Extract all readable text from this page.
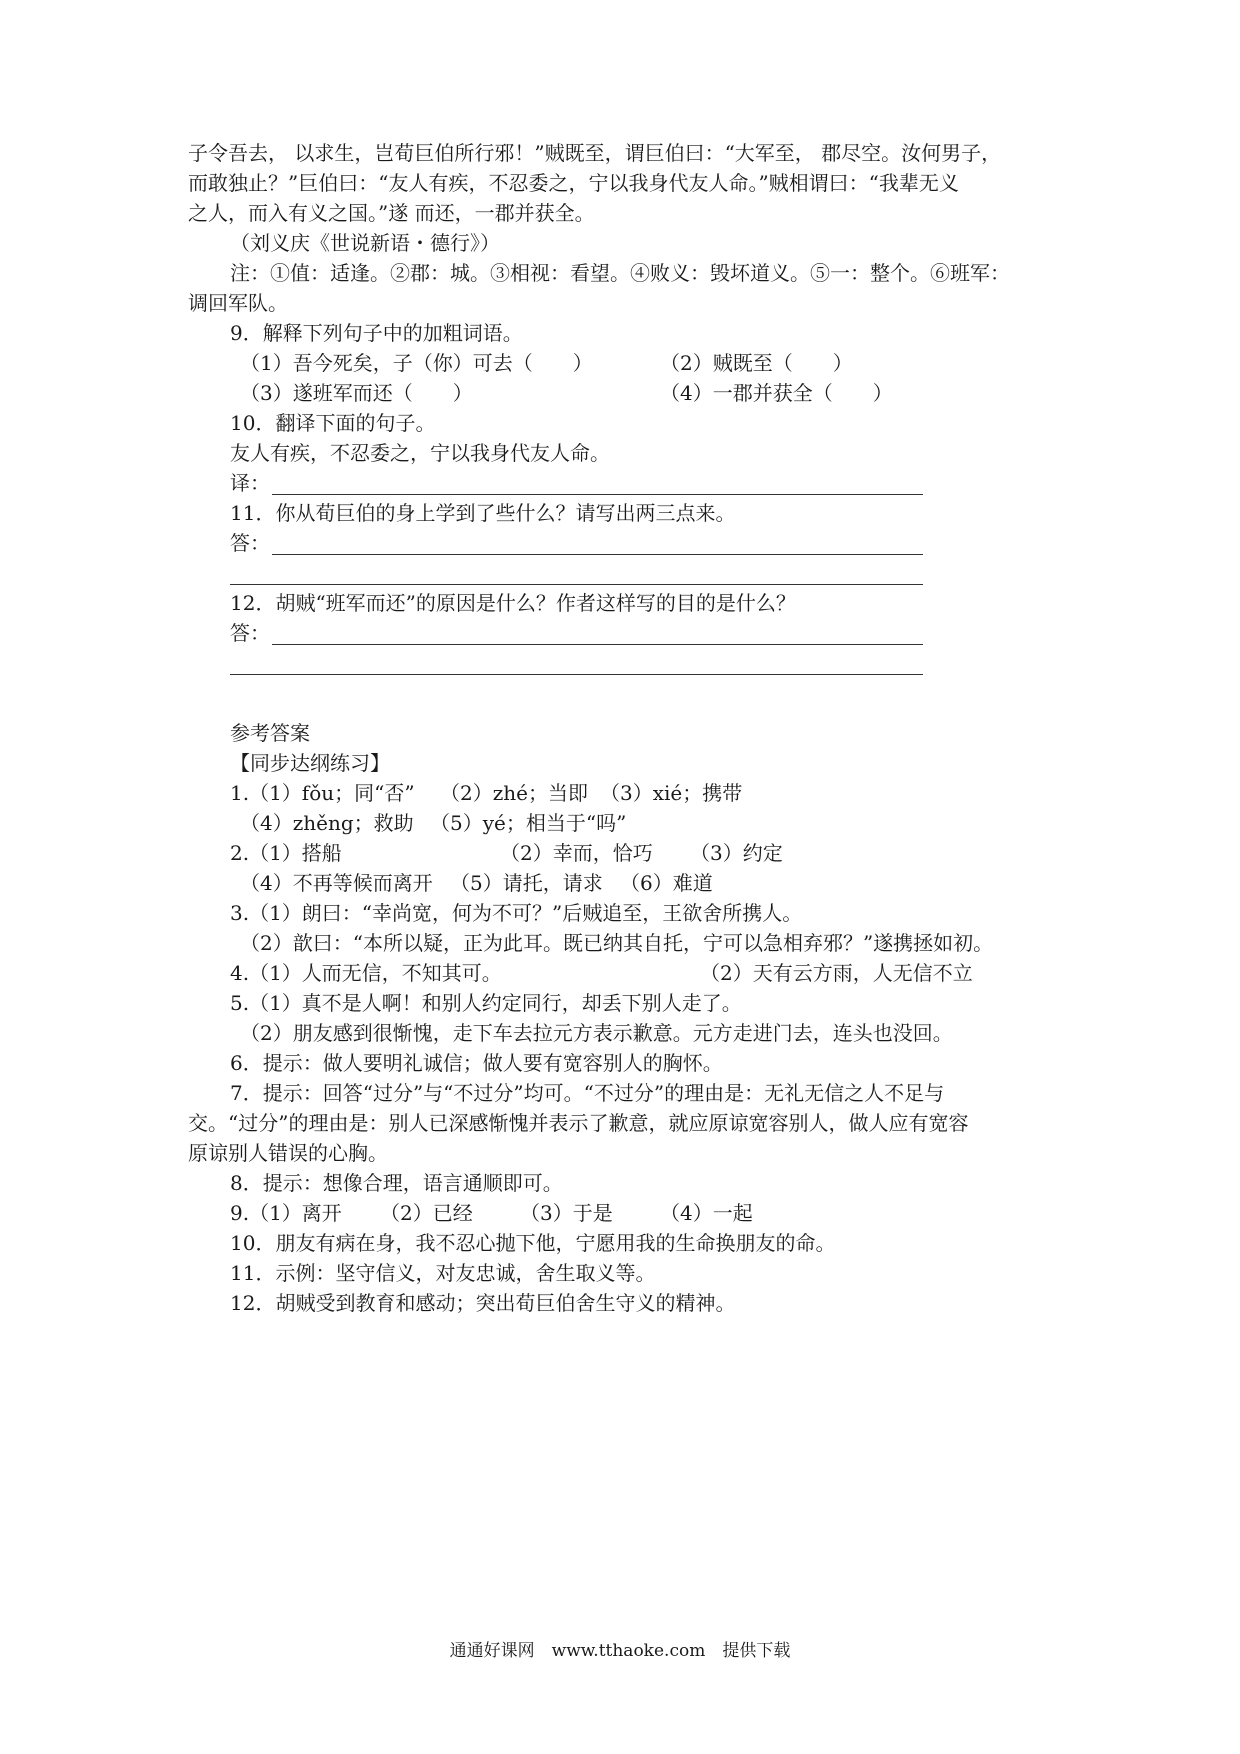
子令吾去， 以求生，岂荀巨伯所行邪！”贼既至，谓巨伯曰：“大军至， 郡尽空。汝何男子，
而敢独止？”巨伯曰：“友人有疾，不忍委之，宁以我身代友人命。”贼相谓曰：“我辈无义
之人，而入有义之国。”遂 而还，一郡并获全。
（刘义庆《世说新语・德行》）
注：①值：适逢。②郡：城。③相视：看望。④败义：毁坏道义。⑤一：整个。⑥班军：
调回军队。
9．解释下列句子中的加粗词语。
（1）吾今死矣，子（你）可去（　　）	（2）贼既至（　　）
（3）遂班军而还（　　）	（4）一郡并获全（　　）
10．翻译下面的句子。
友人有疾，不忍委之，宁以我身代友人命。
译：
11．你从荀巨伯的身上学到了些什么？请写出两三点来。
答：
12．胡贼“班军而还”的原因是什么？作者这样写的目的是什么？
答：
参考答案
【同步达纲练习】
1.（1）fǒu；同“否” （2）zhé；当即 （3）xié；携带
（4）zhěng；救助 （5）yé；相当于“吗”
2.（1）搭船	（2）幸而，恰巧 （3）约定
（4）不再等候而离开 （5）请托，请求 （6）难道
3.（1）朗曰：“幸尚宽，何为不可？”后贼追至，王欲舍所携人。
（2）歆曰：“本所以疑，正为此耳。既已纳其自托，宁可以急相弃邪？”遂携拯如初。
4.（1）人而无信，不知其可。	（2）天有云方雨，人无信不立
5.（1）真不是人啊！和别人约定同行，却丢下别人走了。
（2）朋友感到很惭愧，走下车去拉元方表示歉意。元方走进门去，连头也没回。
6．提示：做人要明礼诚信；做人要有宽容别人的胸怀。
7．提示：回答“过分”与“不过分”均可。“不过分”的理由是：无礼无信之人不足与
交。“过分”的理由是：别人已深感惭愧并表示了歉意，就应原谅宽容别人，做人应有宽容
原谅别人错误的心胸。
8．提示：想像合理，语言通顺即可。
9.（1）离开 （2）已经 （3）于是 （4）一起
10．朋友有病在身，我不忍心抛下他，宁愿用我的生命换朋友的命。
11．示例：坚守信义，对友忠诚，舍生取义等。
12．胡贼受到教育和感动；突出荀巨伯舍生守义的精神。
通通好课网　www.tthaoke.com　提供下载
